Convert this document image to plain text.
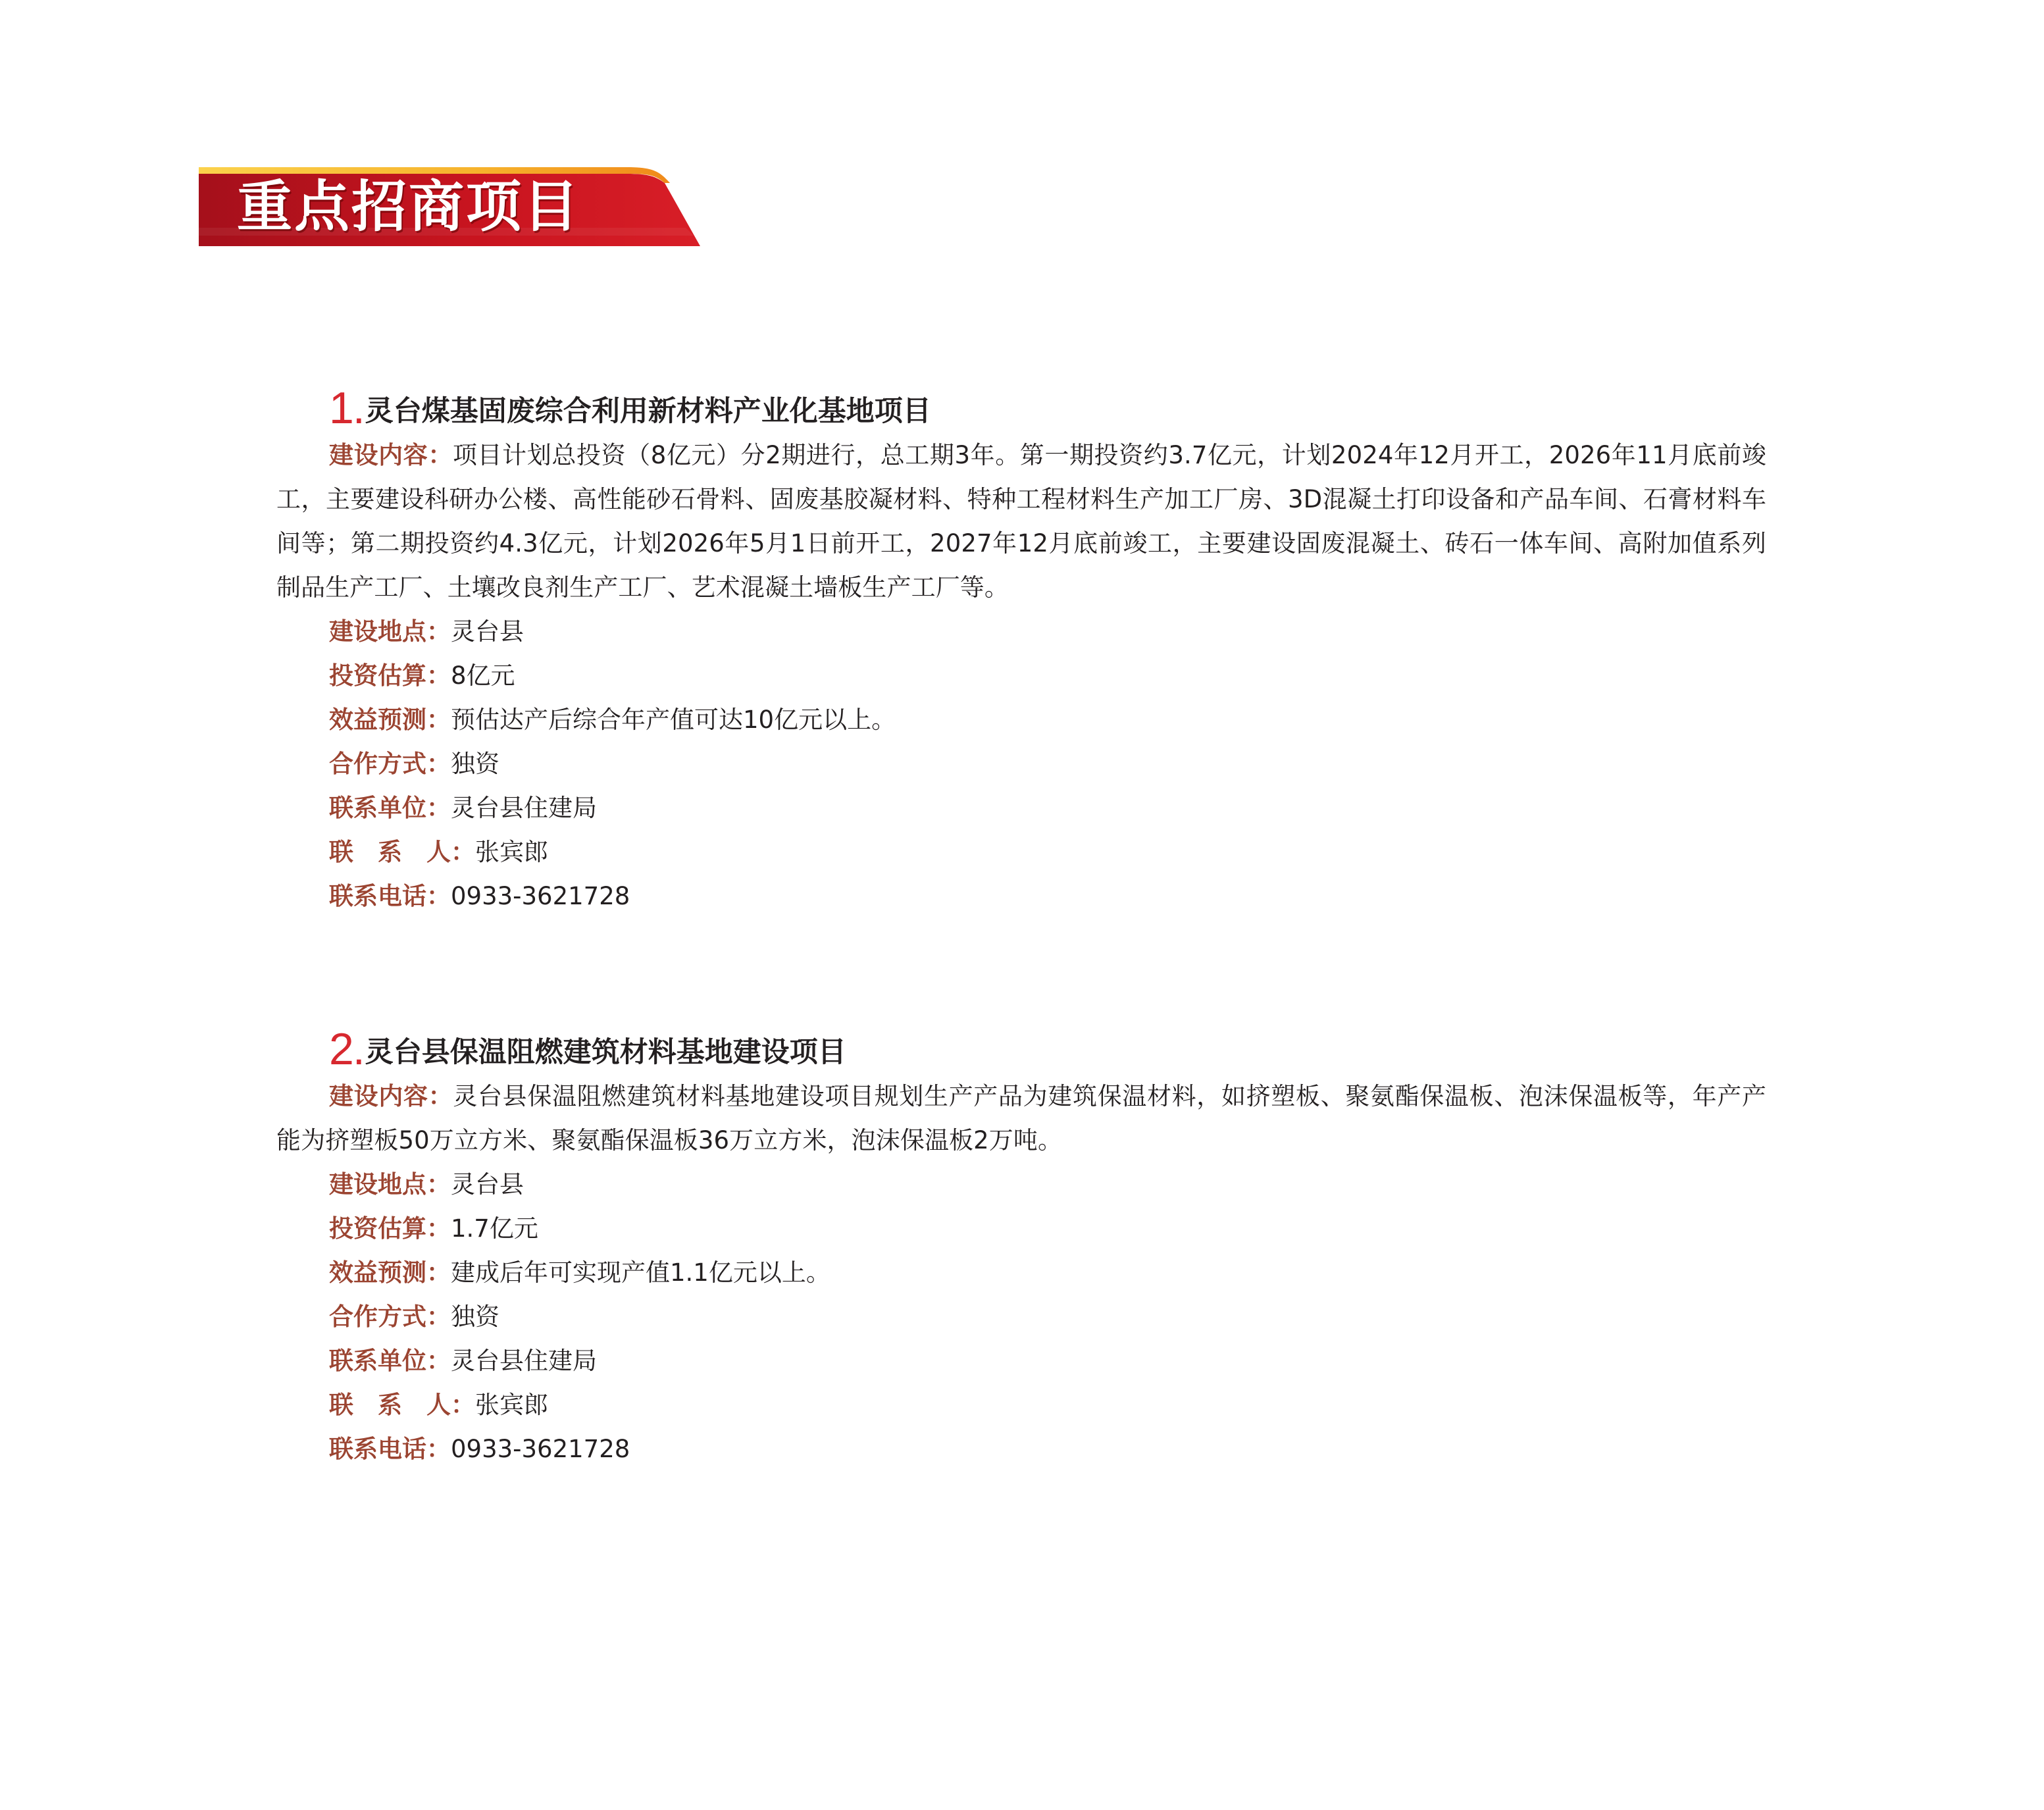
重点招商项目
1.灵台煤基固废综合利用新材料产业化基地项目
建设内容：项目计划总投资（8亿元）分2期进行，总工期3年。第一期投资约3.7亿元，计划2024年12月开工，2026年11月底前竣工，主要建设科研办公楼、高性能砂石骨料、固废基胶凝材料、特种工程材料生产加工厂房、3D混凝土打印设备和产品车间、石膏材料车间等；第二期投资约4.3亿元，计划2026年5月1日前开工，2027年12月底前竣工，主要建设固废混凝土、砖石一体车间、高附加值系列制品生产工厂、土壤改良剂生产工厂、艺术混凝土墙板生产工厂等。
建设地点：灵台县
投资估算：8亿元
效益预测：预估达产后综合年产值可达10亿元以上。
合作方式：独资
联系单位：灵台县住建局
联　系　人：张宾郎
联系电话：0933-3621728
2.灵台县保温阻燃建筑材料基地建设项目
建设内容：灵台县保温阻燃建筑材料基地建设项目规划生产产品为建筑保温材料，如挤塑板、聚氨酯保温板、泡沫保温板等，年产产能为挤塑板50万立方米、聚氨酯保温板36万立方米，泡沫保温板2万吨。
建设地点：灵台县
投资估算：1.7亿元
效益预测：建成后年可实现产值1.1亿元以上。
合作方式：独资
联系单位：灵台县住建局
联　系　人：张宾郎
联系电话：0933-3621728
